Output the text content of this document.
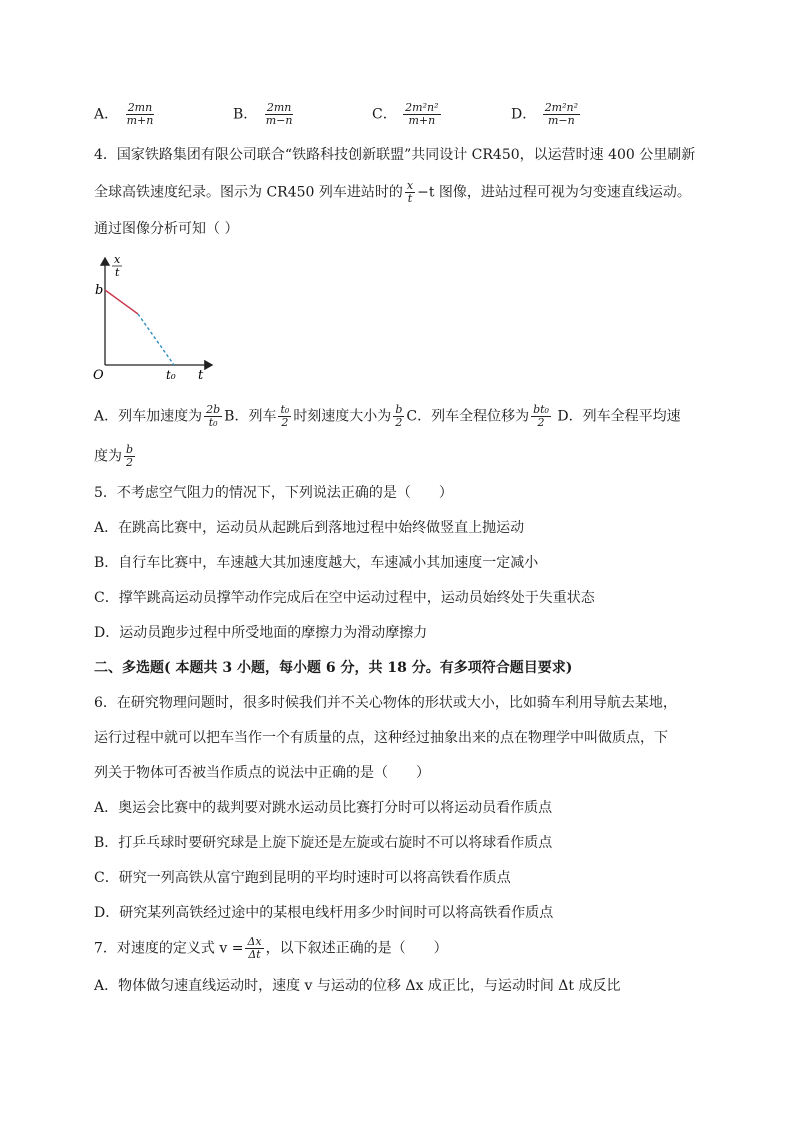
A． $\frac{2mn}{m+n}$	B． $\frac{2mn}{m-n}$	C． $\frac{\text{2m²n²}}{m+n}$	D． $\frac{\text{2m²n²}}{m-n}$
4．国家铁路集团有限公司联合“铁路科技创新联盟”共同设计 CR450，以运营时速 400 公里刷新
全球高铁速度纪录。图示为 CR450 列车进站时的 $\frac{x}{t} -t$ 图像，进站过程可视为匀变速直线运动。
通过图像分析可知（ ）
x
t
b
O	t₀ t
A．列车加速度为 $\frac{2b}{\text{t₀}}$ B．列车 $\frac{\text{t₀}}{2}$ 时刻速度大小为 $\frac{b}{2}$ C．列车全程位移为 $\frac{\text{bt₀}}{2}$ D．列车全程平均速
度为 $\frac{b}{2}$
5．不考虑空气阻力的情况下，下列说法正确的是（　　）
A．在跳高比赛中，运动员从起跳后到落地过程中始终做竖直上抛运动
B．自行车比赛中，车速越大其加速度越大，车速减小其加速度一定减小
C．撑竿跳高运动员撑竿动作完成后在空中运动过程中，运动员始终处于失重状态
D．运动员跑步过程中所受地面的摩擦力为滑动摩擦力
二、多选题( 本题共 3 小题，每小题 6 分，共 18 分。有多项符合题目要求)
6．在研究物理问题时，很多时候我们并不关心物体的形状或大小，比如骑车利用导航去某地，
运行过程中就可以把车当作一个有质量的点，这种经过抽象出来的点在物理学中叫做质点，下
列关于物体可否被当作质点的说法中正确的是（　　）
A．奥运会比赛中的裁判要对跳水运动员比赛打分时可以将运动员看作质点
B．打乒乓球时要研究球是上旋下旋还是左旋或右旋时不可以将球看作质点
C．研究一列高铁从富宁跑到昆明的平均时速时可以将高铁看作质点
D．研究某列高铁经过途中的某根电线杆用多少时间时可以将高铁看作质点
7．对速度的定义式 $v = \frac{\Delta x}{\Delta t}$ ，以下叙述正确的是（　　）
A．物体做匀速直线运动时，速度 v 与运动的位移 Δx 成正比，与运动时间 Δt 成反比
